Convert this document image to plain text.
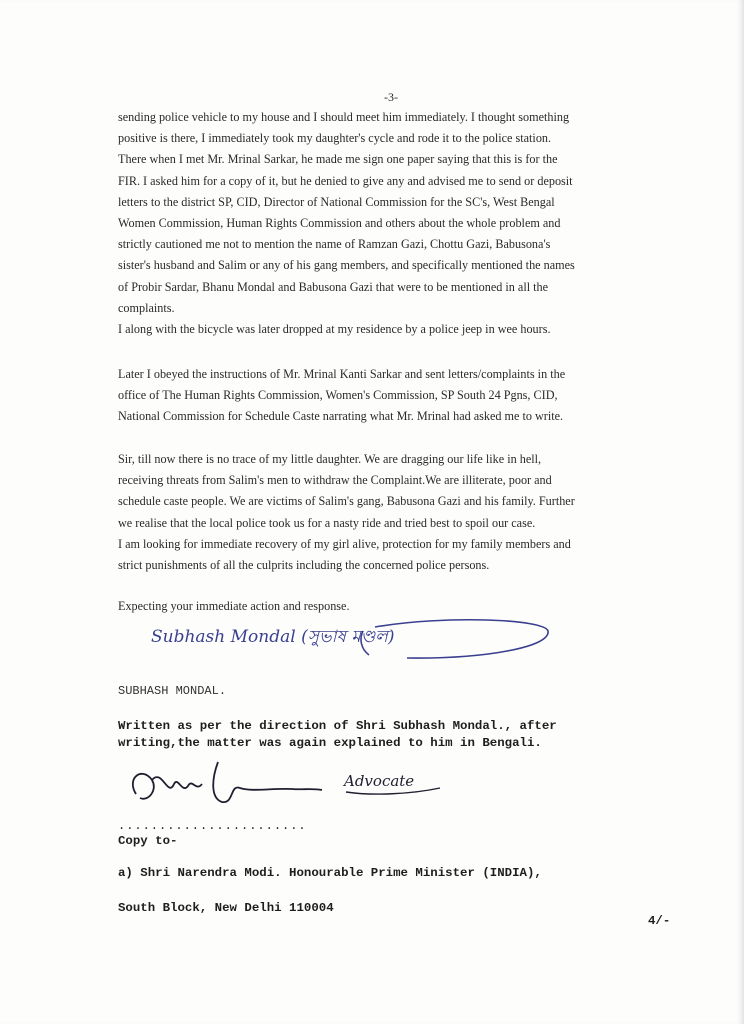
-3-
sending police vehicle to my house and I should meet him immediately. I thought something
positive is there, I immediately took my daughter's cycle and rode it to the police station.
There when I met Mr. Mrinal Sarkar, he made me sign one paper saying that this is for the
FIR. I asked him for a copy of it, but he denied to give any and advised me to send or deposit
letters to the district SP, CID, Director of National Commission for the SC's, West Bengal
Women Commission, Human Rights Commission and others about the whole problem and
strictly cautioned me not to mention the name of Ramzan Gazi, Chottu Gazi, Babusona's
sister's husband and Salim or any of his gang members, and specifically mentioned the names
of Probir Sardar, Bhanu Mondal and Babusona Gazi that were to be mentioned in all the
complaints.
I along with the bicycle was later dropped at my residence by a police jeep in wee hours.
Later I obeyed the instructions of Mr. Mrinal Kanti Sarkar and sent letters/complaints in the
office of The Human Rights Commission, Women's Commission, SP South 24 Pgns, CID,
National Commission for Schedule Caste narrating what Mr. Mrinal had asked me to write.
Sir, till now there is no trace of my little daughter. We are dragging our life like in hell,
receiving threats from Salim's men to withdraw the Complaint.We are illiterate, poor and
schedule caste people. We are victims of Salim's gang, Babusona Gazi and his family. Further
we realise that the local police took us for a nasty ride and tried best to spoil our case.
I am looking for immediate recovery of my girl alive, protection for my family members and
strict punishments of all the culprits including the concerned police persons.
Expecting your immediate action and response.
Subhash Mondal (সুভাষ মণ্ডল)
SUBHASH MONDAL.
Written as per the direction of Shri Subhash Mondal., after
writing,the matter was again explained to him in Bengali.
Advocate
.......................
Copy to-
a) Shri Narendra Modi. Honourable Prime Minister (INDIA),
South Block, New Delhi 110004
4/-
